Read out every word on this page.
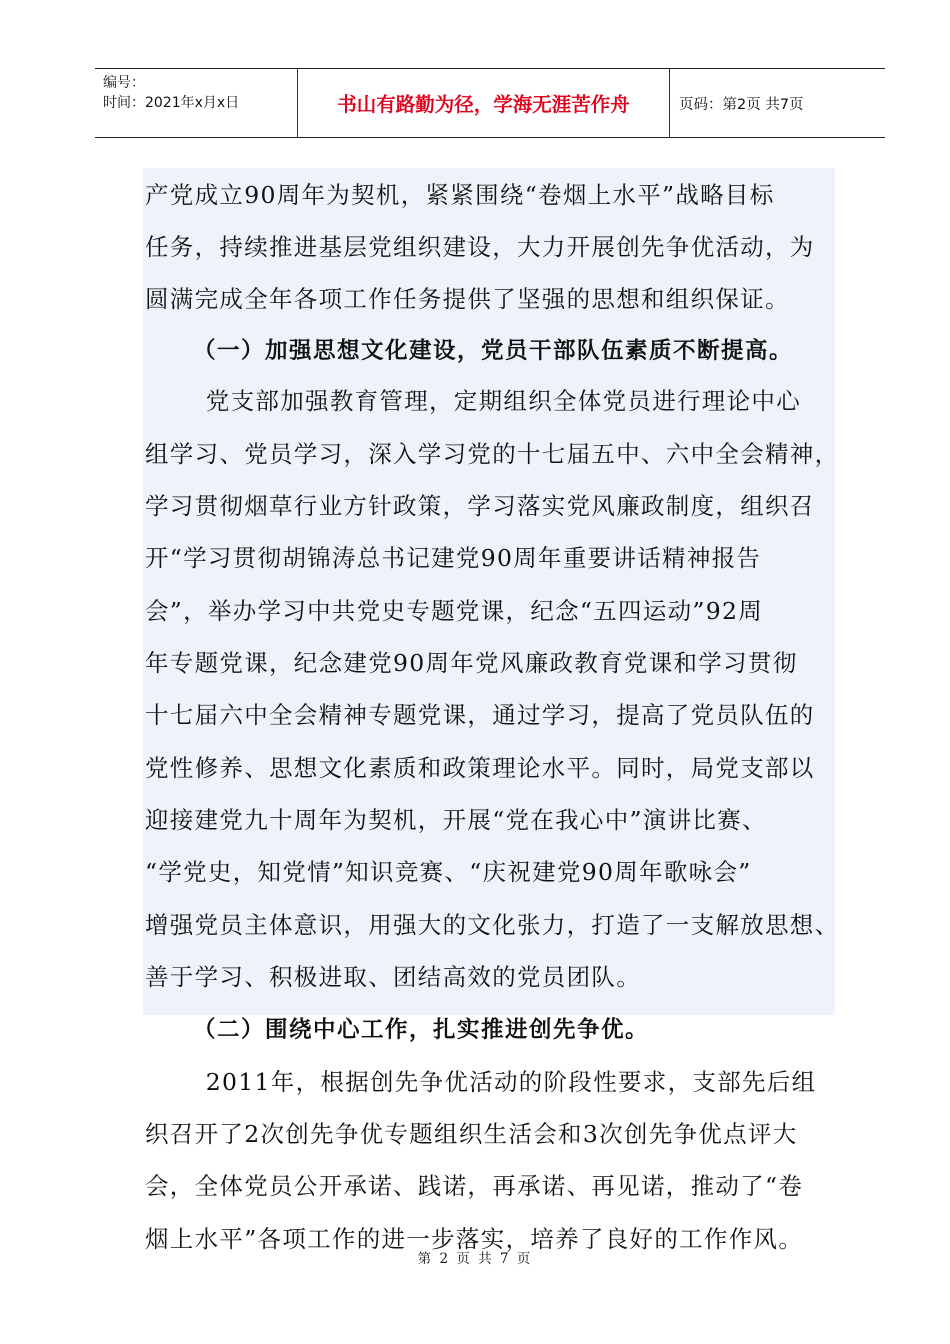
编号：
时间：2021年x月x日	书山有路勤为径，学海无涯苦作舟	页码：第2页 共7页
产党成立90周年为契机，紧紧围绕“卷烟上水平”战略目标
任务，持续推进基层党组织建设，大力开展创先争优活动，为
圆满完成全年各项工作任务提供了坚强的思想和组织保证。
（一）加强思想文化建设，党员干部队伍素质不断提高。
　党支部加强教育管理，定期组织全体党员进行理论中心
组学习、党员学习，深入学习党的十七届五中、六中全会精神，
学习贯彻烟草行业方针政策，学习落实党风廉政制度，组织召
开“学习贯彻胡锦涛总书记建党90周年重要讲话精神报告
会”，举办学习中共党史专题党课，纪念“五四运动”92周
年专题党课，纪念建党90周年党风廉政教育党课和学习贯彻
十七届六中全会精神专题党课，通过学习，提高了党员队伍的
党性修养、思想文化素质和政策理论水平。同时，局党支部以
迎接建党九十周年为契机，开展“党在我心中”演讲比赛、
“学党史，知党情”知识竞赛、“庆祝建党90周年歌咏会”
增强党员主体意识，用强大的文化张力，打造了一支解放思想、
善于学习、积极进取、团结高效的党员团队。
（二）围绕中心工作，扎实推进创先争优。
　2011年，根据创先争优活动的阶段性要求，支部先后组
织召开了2次创先争优专题组织生活会和3次创先争优点评大
会，全体党员公开承诺、践诺，再承诺、再见诺，推动了“卷
烟上水平”各项工作的进一步落实，培养了良好的工作作风。
第 2 页 共 7 页
